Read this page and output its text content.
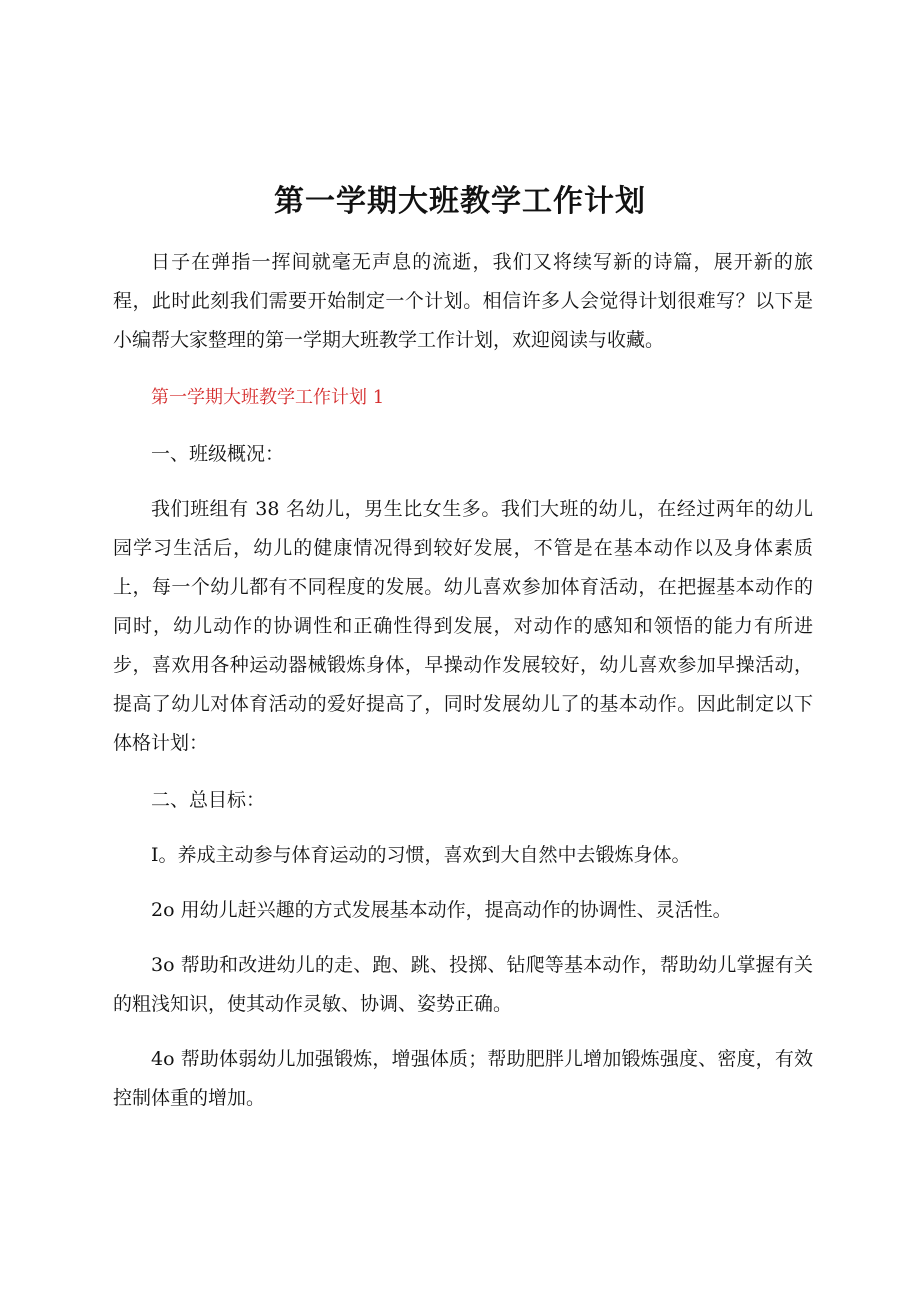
第一学期大班教学工作计划

日子在弹指一挥间就毫无声息的流逝，我们又将续写新的诗篇，展开新的旅程，此时此刻我们需要开始制定一个计划。相信许多人会觉得计划很难写？以下是小编帮大家整理的第一学期大班教学工作计划，欢迎阅读与收藏。

第一学期大班教学工作计划 1

一、班级概况：

我们班组有 38 名幼儿，男生比女生多。我们大班的幼儿，在经过两年的幼儿园学习生活后，幼儿的健康情况得到较好发展，不管是在基本动作以及身体素质上，每一个幼儿都有不同程度的发展。幼儿喜欢参加体育活动，在把握基本动作的同时，幼儿动作的协调性和正确性得到发展，对动作的感知和领悟的能力有所进步，喜欢用各种运动器械锻炼身体，早操动作发展较好，幼儿喜欢参加早操活动，提高了幼儿对体育活动的爱好提高了，同时发展幼儿了的基本动作。因此制定以下体格计划：

二、总目标：

I。养成主动参与体育运动的习惯，喜欢到大自然中去锻炼身体。

2o 用幼儿赶兴趣的方式发展基本动作，提高动作的协调性、灵活性。

3o 帮助和改进幼儿的走、跑、跳、投掷、钻爬等基本动作，帮助幼儿掌握有关的粗浅知识，使其动作灵敏、协调、姿势正确。

4o 帮助体弱幼儿加强锻炼，增强体质；帮助肥胖儿增加锻炼强度、密度，有效控制体重的增加。
